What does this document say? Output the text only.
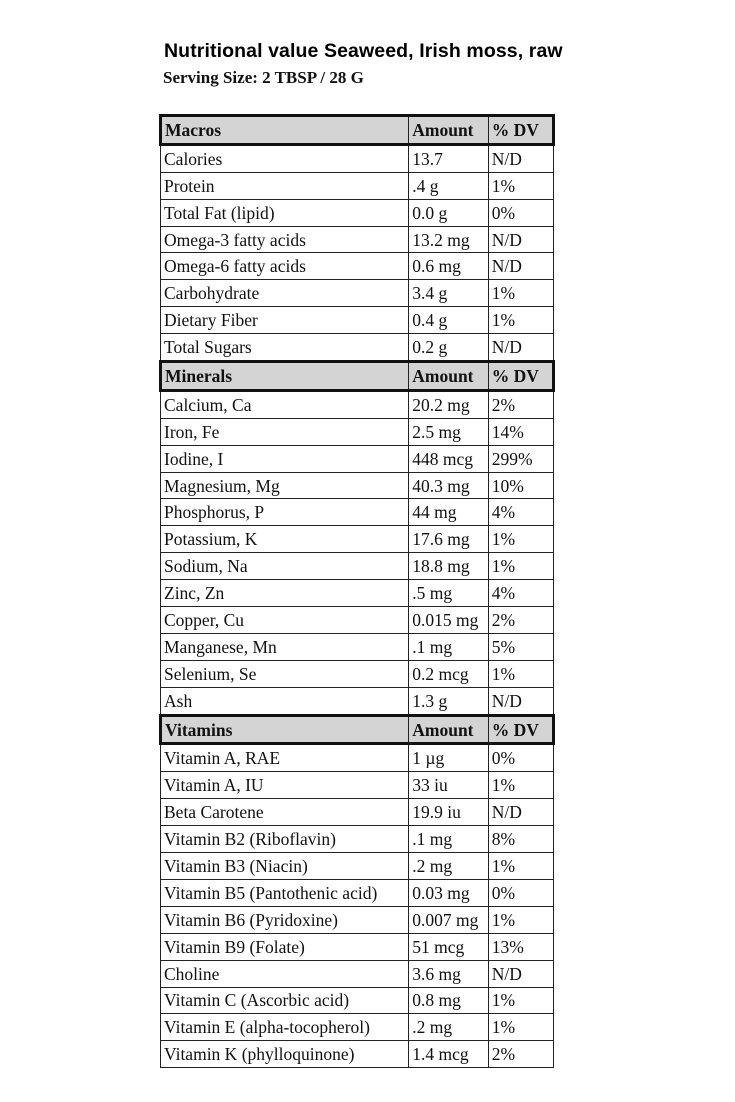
Nutritional value Seaweed, Irish moss, raw
Serving Size: 2 TBSP / 28 G
Macros	Amount	% DV
Calories	13.7	N/D
Protein	.4 g	1%
Total Fat (lipid)	0.0 g	0%
Omega-3 fatty acids	13.2 mg	N/D
Omega-6 fatty acids	0.6 mg	N/D
Carbohydrate	3.4 g	1%
Dietary Fiber	0.4 g	1%
Total Sugars	0.2 g	N/D
Minerals	Amount	% DV
Calcium, Ca	20.2 mg	2%
Iron, Fe	2.5 mg	14%
Iodine, I	448 mcg	299%
Magnesium, Mg	40.3 mg	10%
Phosphorus, P	44 mg	4%
Potassium, K	17.6 mg	1%
Sodium, Na	18.8 mg	1%
Zinc, Zn	.5 mg	4%
Copper, Cu	0.015 mg	2%
Manganese, Mn	.1 mg	5%
Selenium, Se	0.2 mcg	1%
Ash	1.3 g	N/D
Vitamins	Amount	% DV
Vitamin A, RAE	1 µg	0%
Vitamin A, IU	33 iu	1%
Beta Carotene	19.9 iu	N/D
Vitamin B2 (Riboflavin)	.1 mg	8%
Vitamin B3 (Niacin)	.2 mg	1%
Vitamin B5 (Pantothenic acid)	0.03 mg	0%
Vitamin B6 (Pyridoxine)	0.007 mg	1%
Vitamin B9 (Folate)	51 mcg	13%
Choline	3.6 mg	N/D
Vitamin C (Ascorbic acid)	0.8 mg	1%
Vitamin E (alpha-tocopherol)	.2 mg	1%
Vitamin K (phylloquinone)	1.4 mcg	2%
